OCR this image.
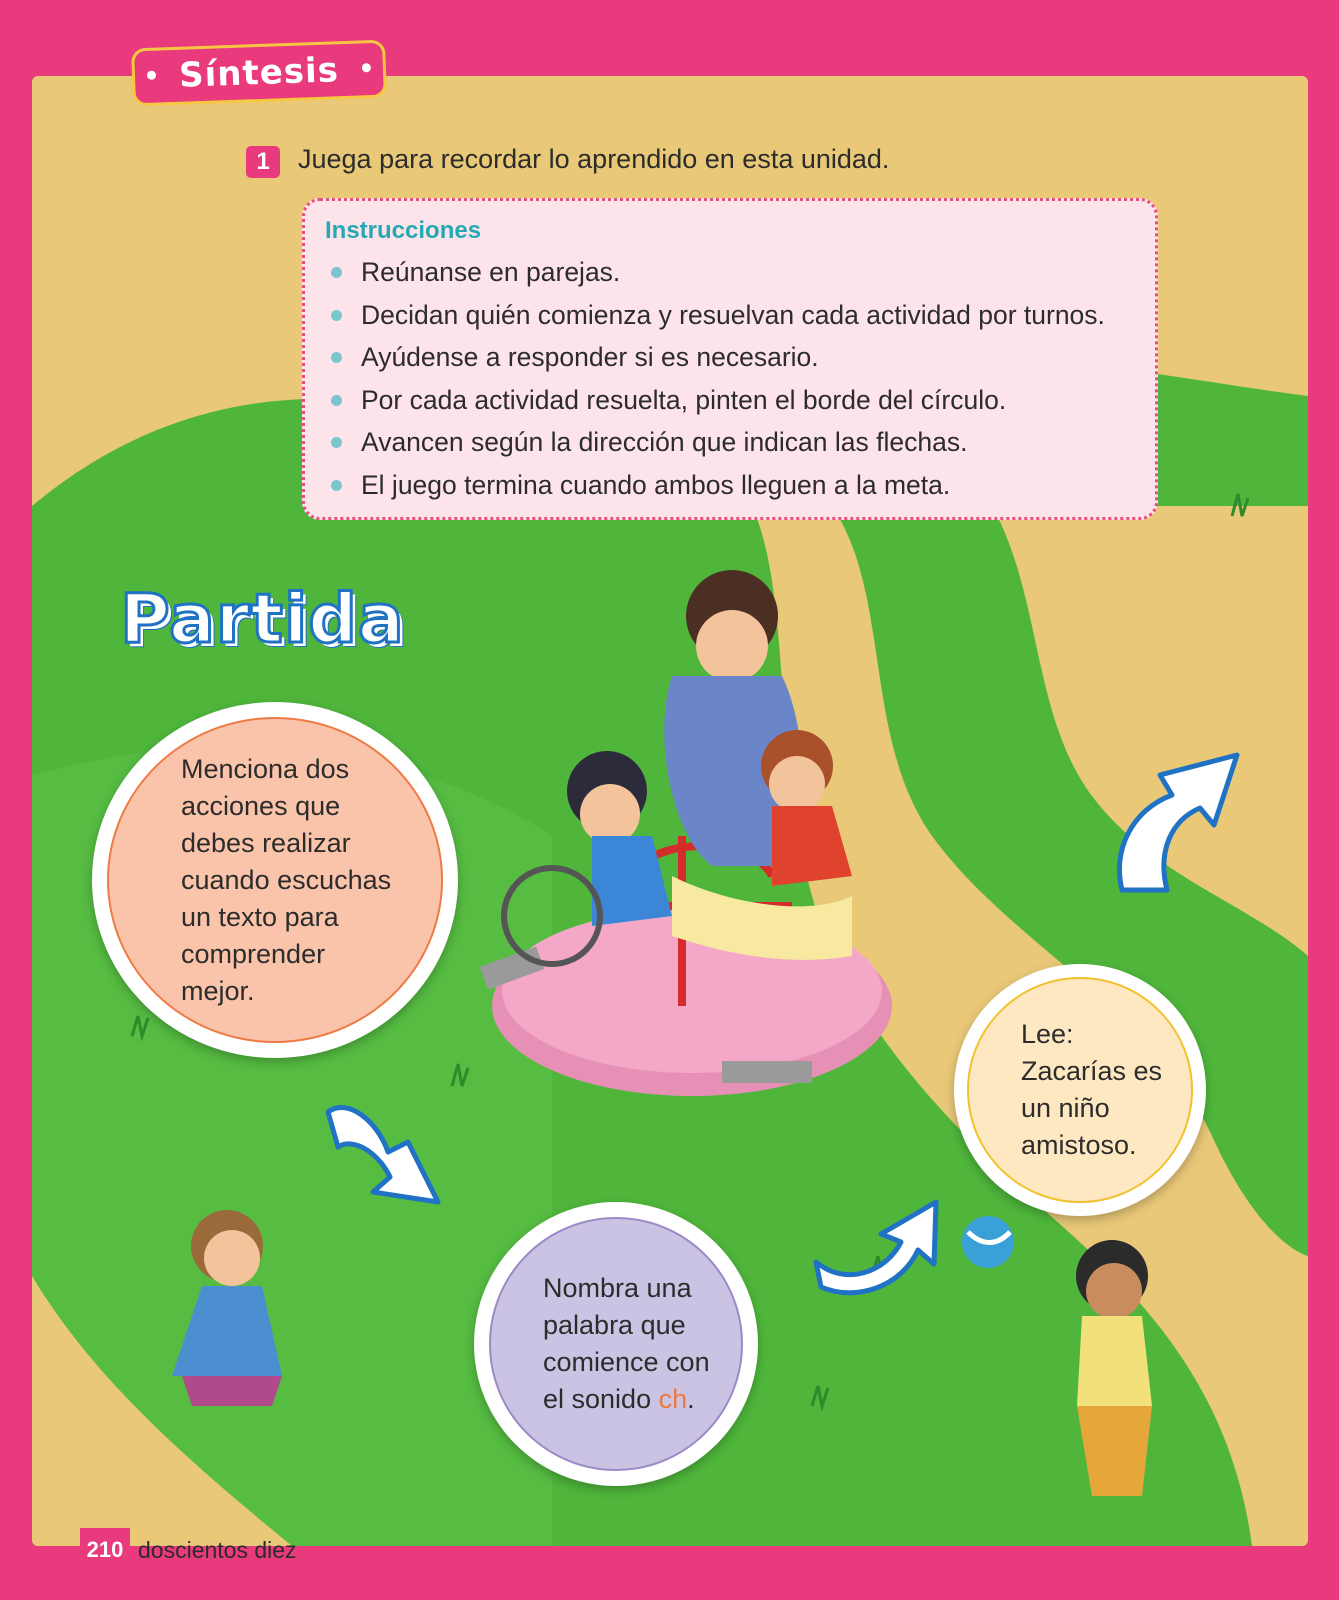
Síntesis
1	Juega para recordar lo aprendido en esta unidad.
Instrucciones
Reúnanse en parejas.
Decidan quién comienza y resuelvan cada actividad por turnos.
Ayúdense a responder si es necesario.
Por cada actividad resuelta, pinten el borde del círculo.
Avancen según la dirección que indican las flechas.
El juego termina cuando ambos lleguen a la meta.
Partida
Menciona dos acciones que debes realizar cuando escuchas un texto para comprender mejor.
Lee: Zacarías es un niño amistoso.
Nombra una palabra que comience con el sonido ch.
210 doscientos diez
